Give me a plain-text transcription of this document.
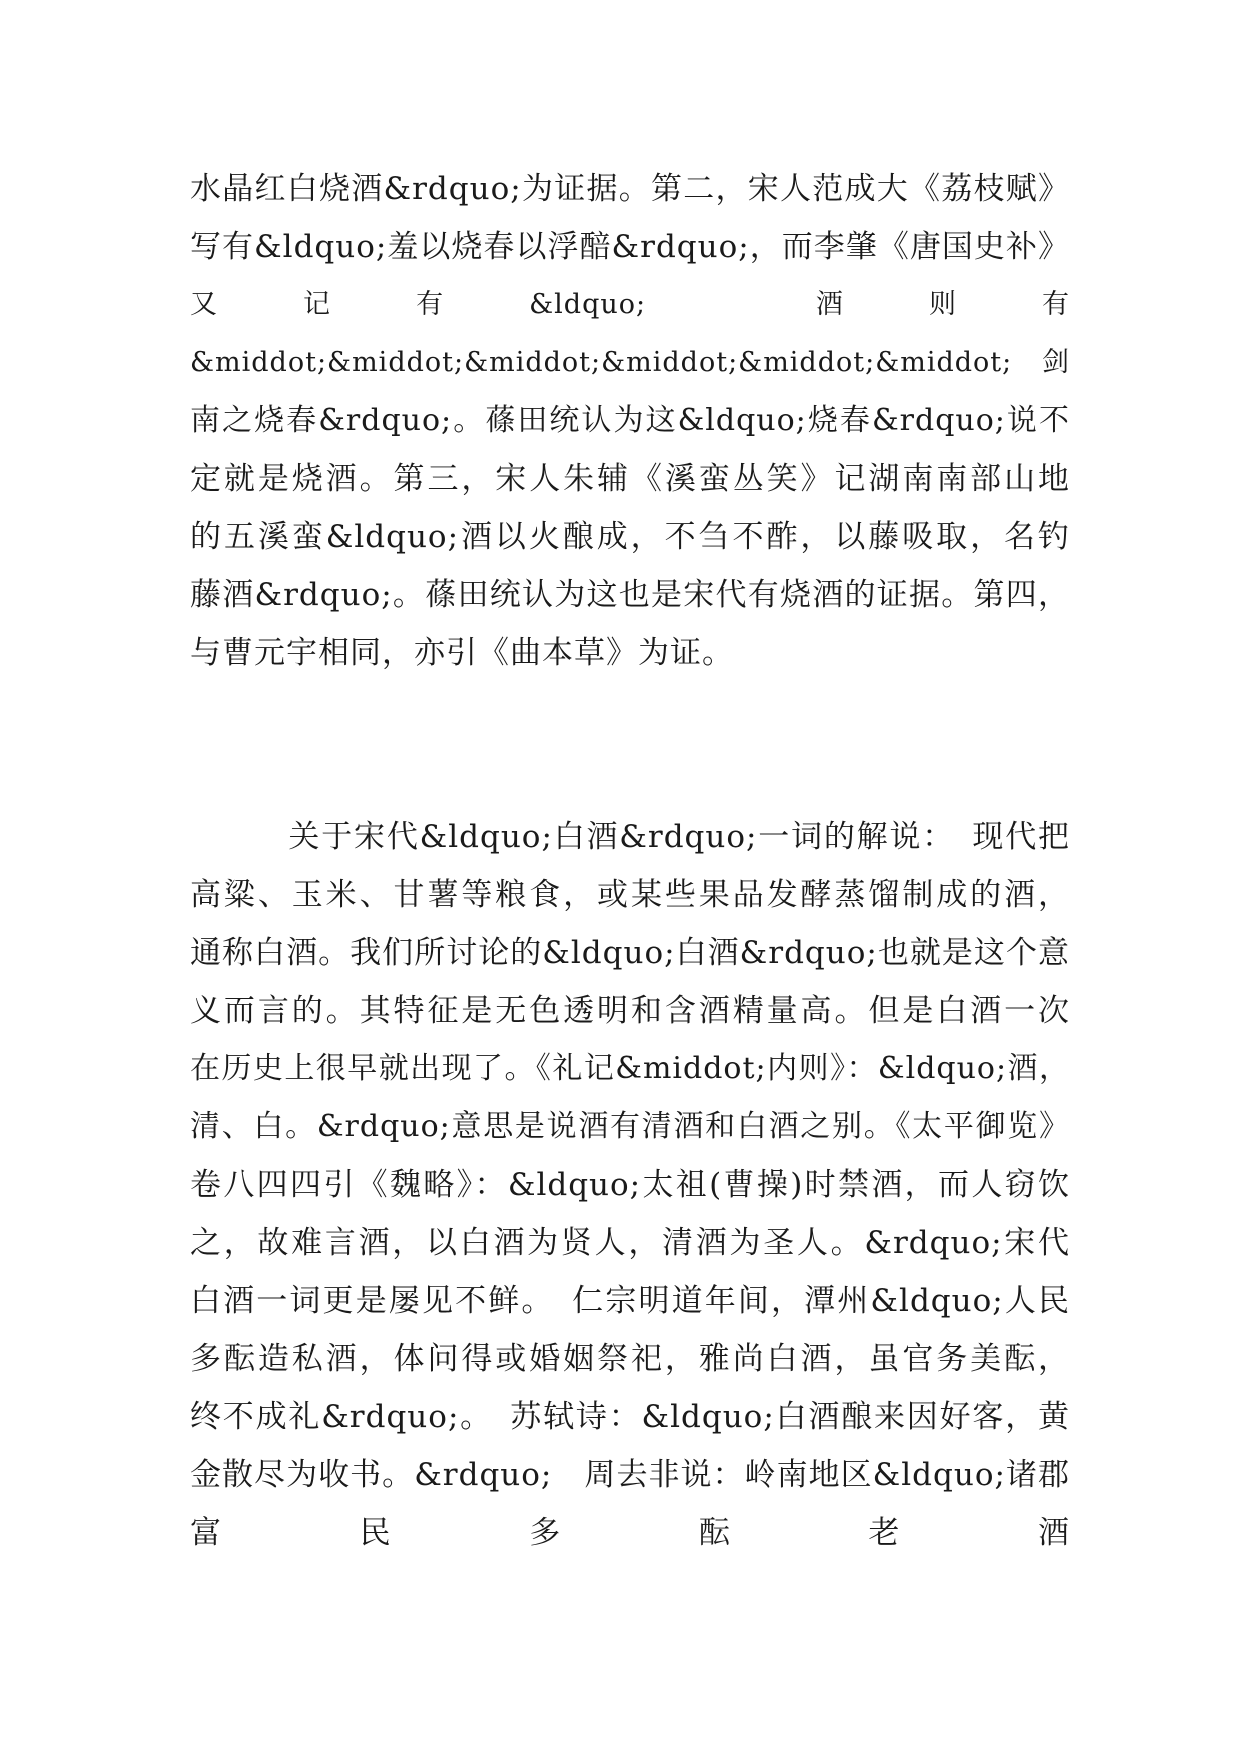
水晶红白烧酒&rdquo;为证据。第二，宋人范成大《荔枝赋》
写有&ldquo;羞以烧春以浮醅&rdquo;，而李肇《唐国史补》
又　　　记　　　有　　　&ldquo;　　　　　　酒　　　则　　　有
&middot;&middot;&middot;&middot;&middot;&middot;　剑
南之烧春&rdquo;。蓧田统认为这&ldquo;烧春&rdquo;说不
定就是烧酒。第三，宋人朱辅《溪蛮丛笑》记湖南南部山地
的五溪蛮&ldquo;酒以火酿成，不刍不酢，以藤吸取，名钓
藤酒&rdquo;。蓧田统认为这也是宋代有烧酒的证据。第四，
与曹元宇相同，亦引《曲本草》为证。
　　　关于宋代&ldquo;白酒&rdquo;一词的解说：　现代把
高粱、玉米、甘薯等粮食，或某些果品发酵蒸馏制成的酒，
通称白酒。我们所讨论的&ldquo;白酒&rdquo;也就是这个意
义而言的。其特征是无色透明和含酒精量高。但是白酒一次
在历史上很早就出现了。《礼记&middot;内则》：&ldquo;酒，
清、白。&rdquo;意思是说酒有清酒和白酒之别。《太平御览》
卷八四四引《魏略》：&ldquo;太祖(曹操)时禁酒，而人窃饮
之，故难言酒，以白酒为贤人，清酒为圣人。&rdquo;宋代
白酒一词更是屡见不鲜。　仁宗明道年间，潭州&ldquo;人民
多酝造私酒，体问得或婚姻祭祀，雅尚白酒，虽官务美酝，
终不成礼&rdquo;。　苏轼诗：&ldquo;白酒酿来因好客，黄
金散尽为收书。&rdquo;　周去非说：岭南地区&ldquo;诸郡
富　　　　民　　　　多　　　　酝　　　　老　　　　酒
